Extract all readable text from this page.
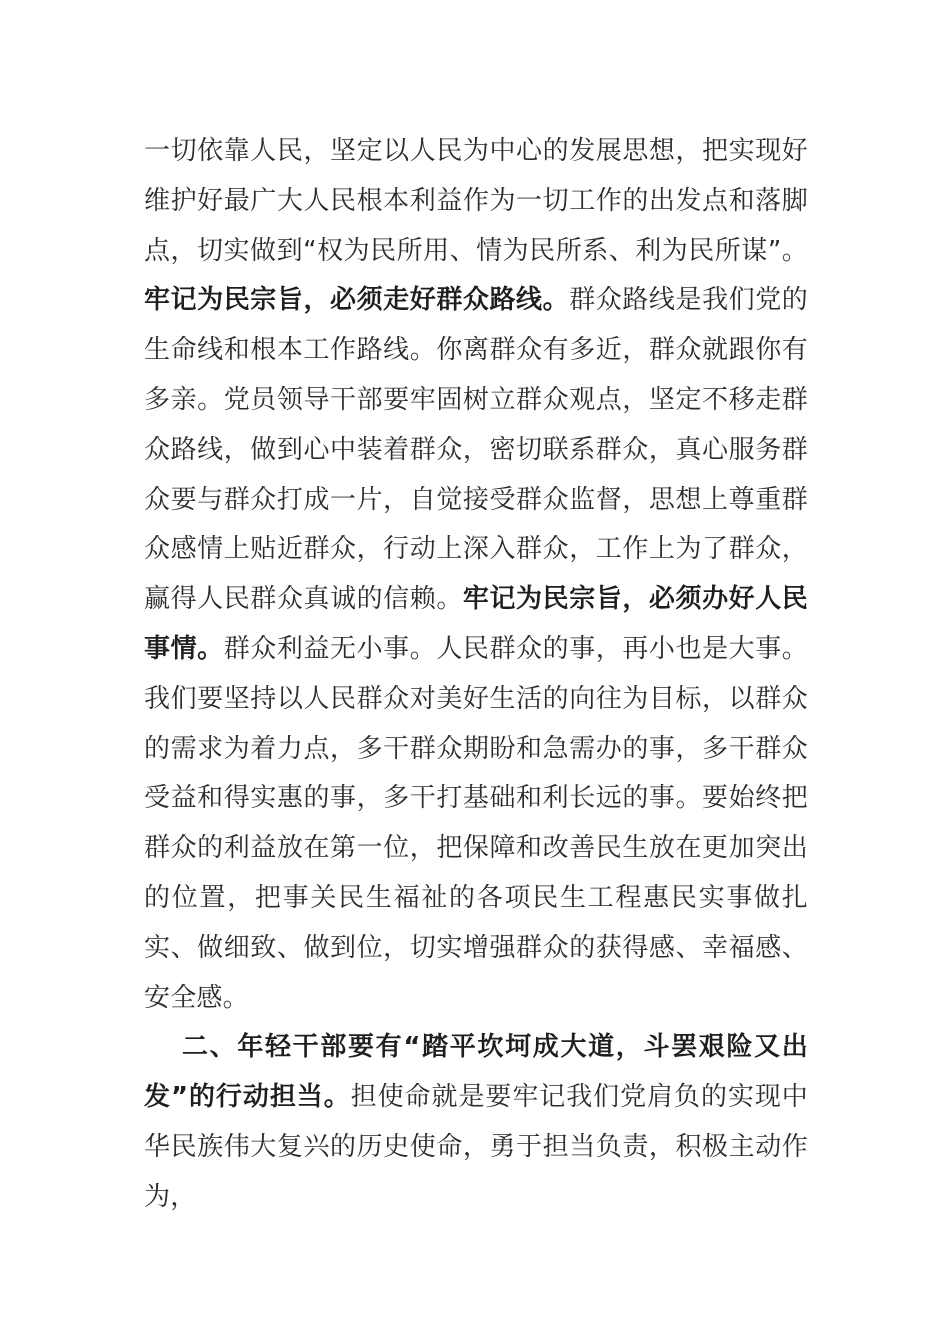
一切依靠人民，坚定以人民为中心的发展思想，把实现好维护好最广大人民根本利益作为一切工作的出发点和落脚点，切实做到“权为民所用、情为民所系、利为民所谋”。牢记为民宗旨，必须走好群众路线。群众路线是我们党的生命线和根本工作路线。你离群众有多近，群众就跟你有多亲。党员领导干部要牢固树立群众观点，坚定不移走群众路线，做到心中装着群众，密切联系群众，真心服务群众要与群众打成一片，自觉接受群众监督，思想上尊重群众感情上贴近群众，行动上深入群众，工作上为了群众，赢得人民群众真诚的信赖。牢记为民宗旨，必须办好人民事情。群众利益无小事。人民群众的事，再小也是大事。我们要坚持以人民群众对美好生活的向往为目标，以群众的需求为着力点，多干群众期盼和急需办的事，多干群众受益和得实惠的事，多干打基础和利长远的事。要始终把群众的利益放在第一位，把保障和改善民生放在更加突出的位置，把事关民生福祉的各项民生工程惠民实事做扎实、做细致、做到位，切实增强群众的获得感、幸福感、安全感。

二、年轻干部要有“踏平坎坷成大道，斗罢艰险又出发”的行动担当。担使命就是要牢记我们党肩负的实现中华民族伟大复兴的历史使命，勇于担当负责，积极主动作为，
